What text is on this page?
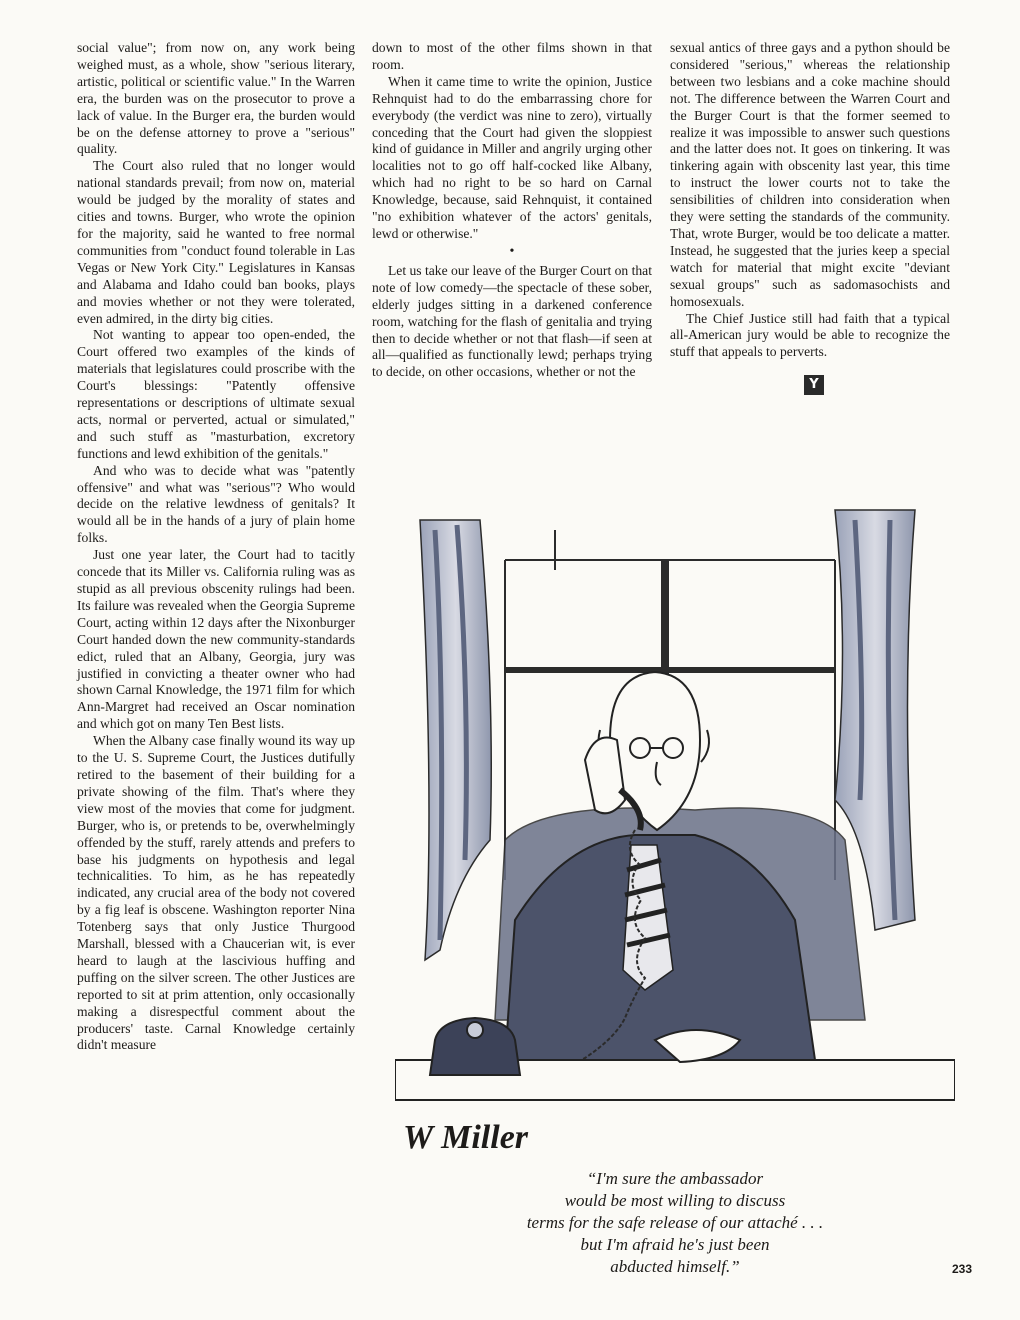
social value"; from now on, any work being weighed must, as a whole, show "serious literary, artistic, political or scientific value." In the Warren era, the burden was on the prosecutor to prove a lack of value. In the Burger era, the burden would be on the defense attorney to prove a "serious" quality.

The Court also ruled that no longer would national standards prevail; from now on, material would be judged by the morality of states and cities and towns. Burger, who wrote the opinion for the majority, said he wanted to free normal communities from "conduct found tolerable in Las Vegas or New York City." Legislatures in Kansas and Alabama and Idaho could ban books, plays and movies whether or not they were tolerated, even admired, in the dirty big cities.

Not wanting to appear too open-ended, the Court offered two examples of the kinds of materials that legislatures could proscribe with the Court's blessings: "Patently offensive representations or descriptions of ultimate sexual acts, normal or perverted, actual or simulated," and such stuff as "masturbation, excretory functions and lewd exhibition of the genitals."

And who was to decide what was "patently offensive" and what was "serious"? Who would decide on the relative lewdness of genitals? It would all be in the hands of a jury of plain home folks.

Just one year later, the Court had to tacitly concede that its Miller vs. California ruling was as stupid as all previous obscenity rulings had been. Its failure was revealed when the Georgia Supreme Court, acting within 12 days after the Nixonburger Court handed down the new community-standards edict, ruled that an Albany, Georgia, jury was justified in convicting a theater owner who had shown Carnal Knowledge, the 1971 film for which Ann-Margret had received an Oscar nomination and which got on many Ten Best lists.

When the Albany case finally wound its way up to the U. S. Supreme Court, the Justices dutifully retired to the basement of their building for a private showing of the film. That's where they view most of the movies that come for judgment. Burger, who is, or pretends to be, overwhelmingly offended by the stuff, rarely attends and prefers to base his judgments on hypothesis and legal technicalities. To him, as he has repeatedly indicated, any crucial area of the body not covered by a fig leaf is obscene. Washington reporter Nina Totenberg says that only Justice Thurgood Marshall, blessed with a Chaucerian wit, is ever heard to laugh at the lascivious huffing and puffing on the silver screen. The other Justices are reported to sit at prim attention, only occasionally making a disrespectful comment about the producers' taste. Carnal Knowledge certainly didn't measure

down to most of the other films shown in that room.

When it came time to write the opinion, Justice Rehnquist had to do the embarrassing chore for everybody (the verdict was nine to zero), virtually conceding that the Court had given the sloppiest kind of guidance in Miller and angrily urging other localities not to go off half-cocked like Albany, which had no right to be so hard on Carnal Knowledge, because, said Rehnquist, it contained "no exhibition whatever of the actors' genitals, lewd or otherwise."

•

Let us take our leave of the Burger Court on that note of low comedy—the spectacle of these sober, elderly judges sitting in a darkened conference room, watching for the flash of genitalia and trying then to decide whether or not that flash—if seen at all—qualified as functionally lewd; perhaps trying to decide, on other occasions, whether or not the

sexual antics of three gays and a python should be considered "serious," whereas the relationship between two lesbians and a coke machine should not. The difference between the Warren Court and the Burger Court is that the former seemed to realize it was impossible to answer such questions and the latter does not. It goes on tinkering. It was tinkering again with obscenity last year, this time to instruct the lower courts not to take the sensibilities of children into consideration when they were setting the standards of the community. That, wrote Burger, would be too delicate a matter. Instead, he suggested that the juries keep a special watch for material that might excite "deviant sexual groups" such as sadomasochists and homosexuals.

The Chief Justice still had faith that a typical all-American jury would be able to recognize the stuff that appeals to perverts.

Y
W Miller
“I'm sure the ambassador
would be most willing to discuss
terms for the safe release of our attaché . . .
but I'm afraid he's just been
abducted himself.”	233
